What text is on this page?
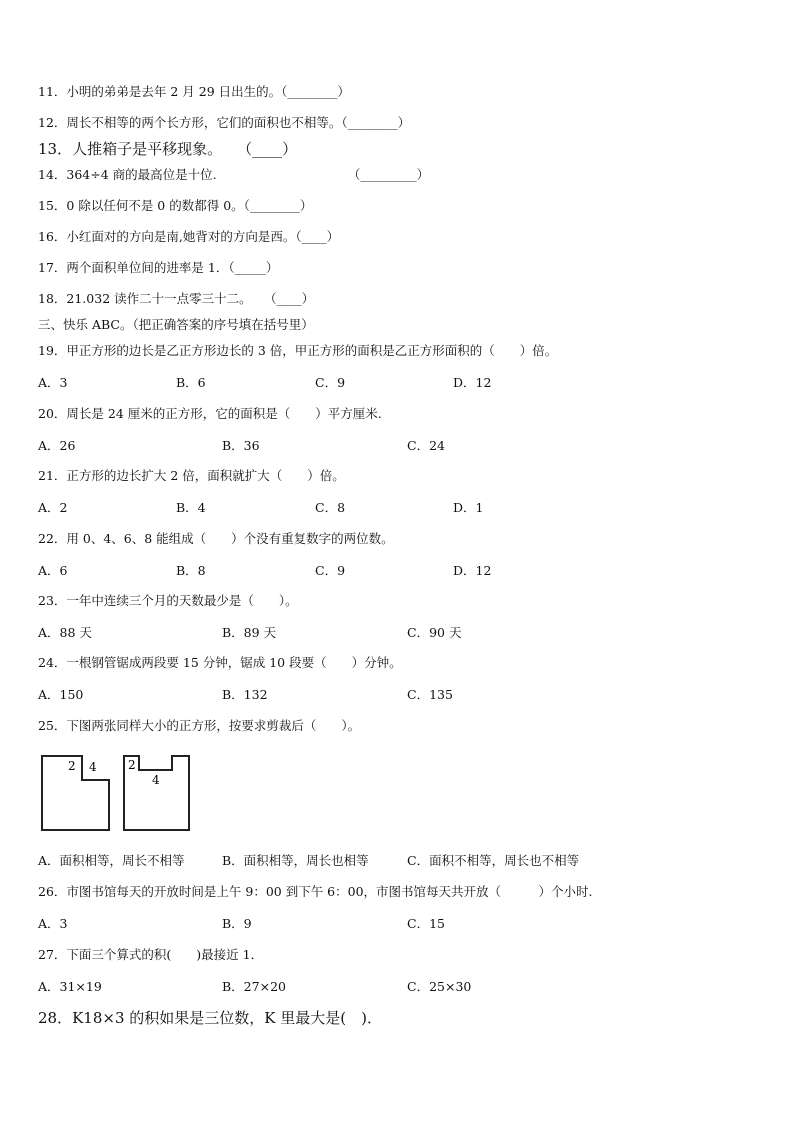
11．小明的弟弟是去年 2 月 29 日出生的。（________）
12．周长不相等的两个长方形，它们的面积也不相等。（________）
13．人推箱子是平移现象。　　（____）
14．364÷4 商的最高位是十位.　　　　　　　　　　　（_________）
15．0 除以任何不是 0 的数都得 0。（________）
16．小红面对的方向是南,她背对的方向是西。（____）
17．两个面积单位间的进率是 1．（_____）
18．21.032 读作二十一点零三十二。　　（____）
三、快乐 ABC。（把正确答案的序号填在括号里）
19．甲正方形的边长是乙正方形边长的 3 倍，甲正方形的面积是乙正方形面积的（　　）倍。
A．3	B．6	C．9	D．12
20．周长是 24 厘米的正方形，它的面积是（　　）平方厘米.
A．26	B．36	C．24
21．正方形的边长扩大 2 倍，面积就扩大（　　）倍。
A．2	B．4	C．8	D．1
22．用 0、4、6、8 能组成（　　）个没有重复数字的两位数。
A．6	B．8	C．9	D．12
23．一年中连续三个月的天数最少是（　　）。
A．88 天	B．89 天	C．90 天
24．一根钢管锯成两段要 15 分钟，锯成 10 段要（　　）分钟。
A．150	B．132	C．135
25．下图两张同样大小的正方形，按要求剪裁后（　　）。
2 4	2
4
A．面积相等，周长不相等	B．面积相等，周长也相等	C．面积不相等，周长也不相等
26．市图书馆每天的开放时间是上午 9：00 到下午 6：00，市图书馆每天共开放（　　　）个小时.
A．3	B．9	C．15
27．下面三个算式的积(　　)最接近 1．
A．31×19	B．27×20	C．25×30
28．K18×3 的积如果是三位数，K 里最大是(　)．
